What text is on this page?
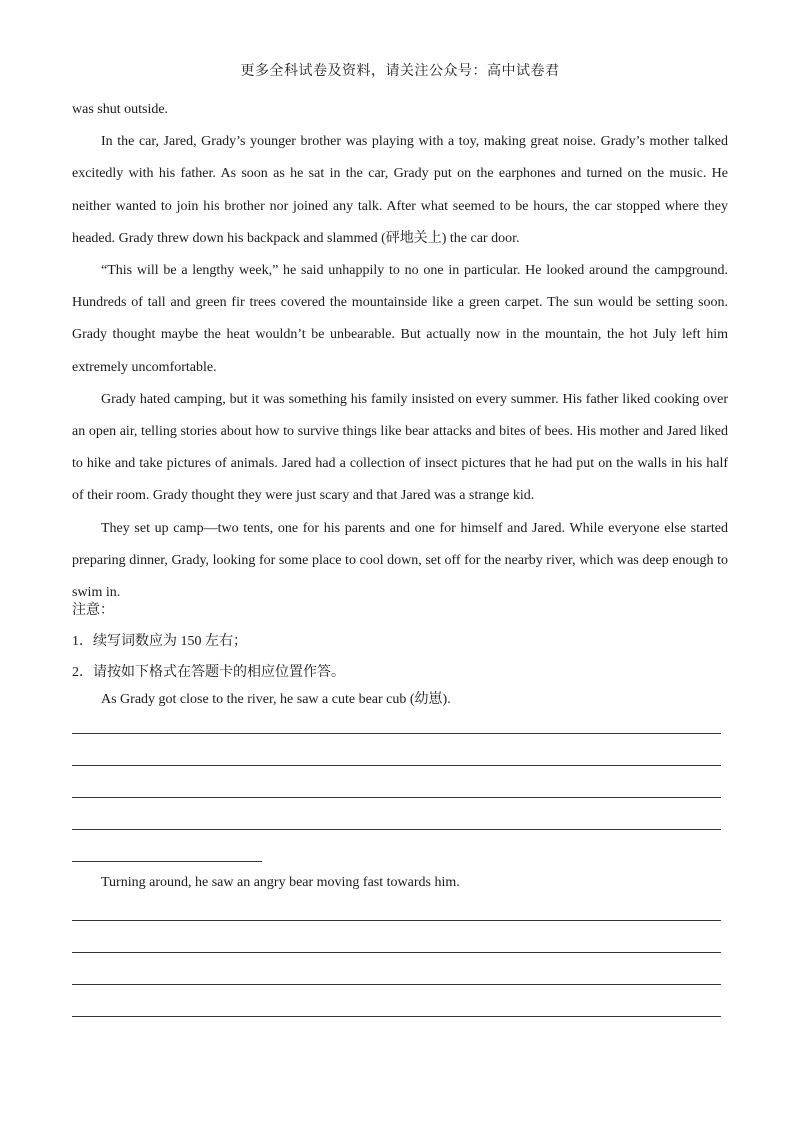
更多全科试卷及资料，请关注公众号：高中试卷君

was shut outside.

In the car, Jared, Grady’s younger brother was playing with a toy, making great noise. Grady’s mother talked excitedly with his father. As soon as he sat in the car, Grady put on the earphones and turned on the music. He neither wanted to join his brother nor joined any talk. After what seemed to be hours, the car stopped where they headed. Grady threw down his backpack and slammed (砰地关上) the car door.

“This will be a lengthy week,” he said unhappily to no one in particular. He looked around the campground. Hundreds of tall and green fir trees covered the mountainside like a green carpet. The sun would be setting soon. Grady thought maybe the heat wouldn’t be unbearable. But actually now in the mountain, the hot July left him extremely uncomfortable.

Grady hated camping, but it was something his family insisted on every summer. His father liked cooking over an open air, telling stories about how to survive things like bear attacks and bites of bees. His mother and Jared liked to hike and take pictures of animals. Jared had a collection of insect pictures that he had put on the walls in his half of their room. Grady thought they were just scary and that Jared was a strange kid.

They set up camp—two tents, one for his parents and one for himself and Jared. While everyone else started preparing dinner, Grady, looking for some place to cool down, set off for the nearby river, which was deep enough to swim in.

注意：
1．续写词数应为 150 左右；
2．请按如下格式在答题卡的相应位置作答。
As Grady got close to the river, he saw a cute bear cub (幼崽).
Turning around, he saw an angry bear moving fast towards him.
